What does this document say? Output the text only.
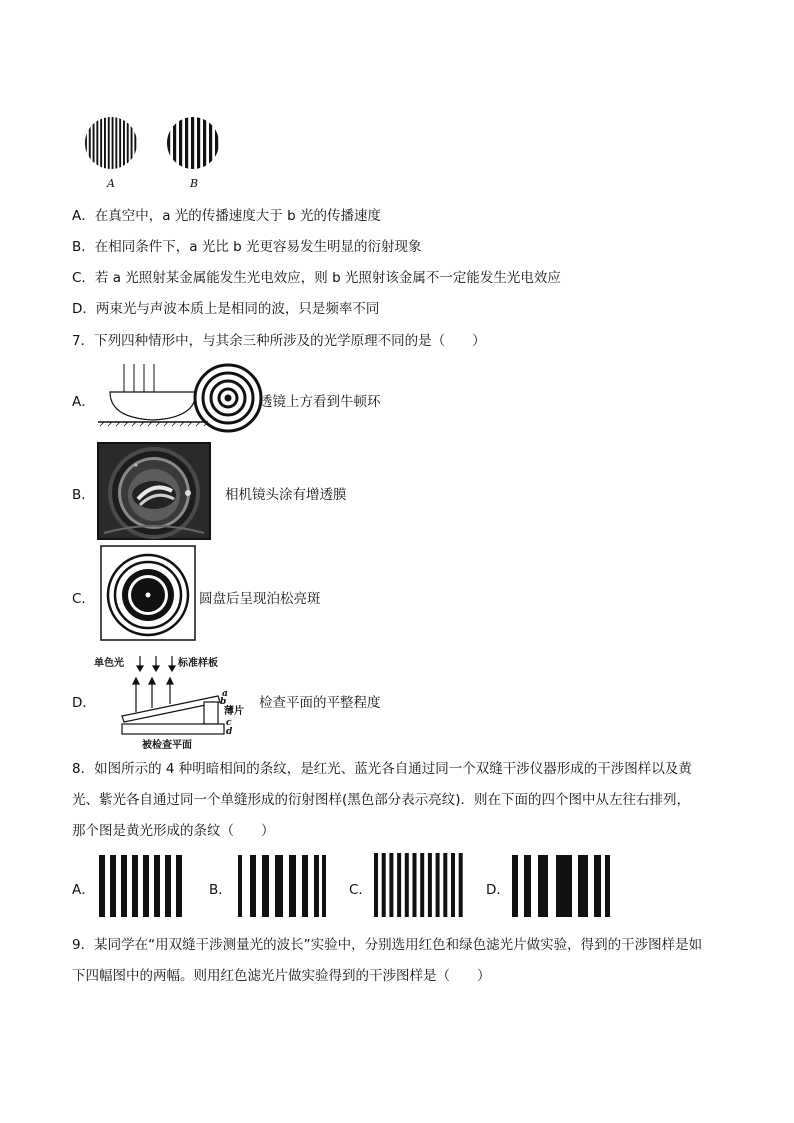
A	B
A．在真空中，a 光的传播速度大于 b 光的传播速度
B．在相同条件下，a 光比 b 光更容易发生明显的衍射现象
C．若 a 光照射某金属能发生光电效应，则 b 光照射该金属不一定能发生光电效应
D．两束光与声波本质上是相同的波，只是频率不同
7．下列四种情形中，与其余三种所涉及的光学原理不同的是（　　）
A．	透镜上方看到牛顿环
B．	相机镜头涂有增透膜
C．	圆盘后呈现泊松亮斑
D．
单色光	标准样板
a
b
薄片
c
d
被检查平面
检查平面的平整程度
8．如图所示的 4 种明暗相间的条纹，是红光、蓝光各自通过同一个双缝干涉仪器形成的干涉图样以及黄
光、紫光各自通过同一个单缝形成的衍射图样(黑色部分表示亮纹)．则在下面的四个图中从左往右排列，
那个图是黄光形成的条纹（　　）
A．	B．	C．	D．
9．某同学在“用双缝干涉测量光的波长”实验中，分别选用红色和绿色滤光片做实验，得到的干涉图样是如
下四幅图中的两幅。则用红色滤光片做实验得到的干涉图样是（　　）
